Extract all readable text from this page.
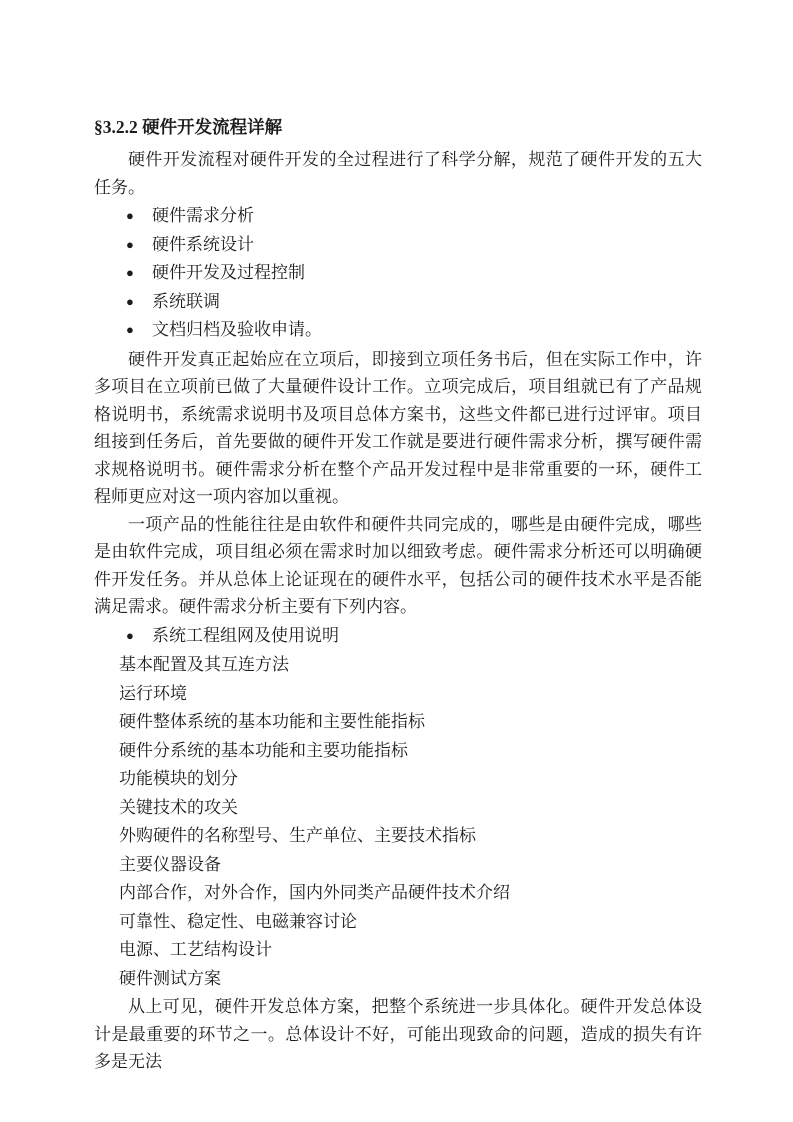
§3.2.2 硬件开发流程详解

硬件开发流程对硬件开发的全过程进行了科学分解，规范了硬件开发的五大任务。

● 硬件需求分析
● 硬件系统设计
● 硬件开发及过程控制
● 系统联调
● 文档归档及验收申请。

硬件开发真正起始应在立项后，即接到立项任务书后，但在实际工作中，许多项目在立项前已做了大量硬件设计工作。立项完成后，项目组就已有了产品规格说明书，系统需求说明书及项目总体方案书，这些文件都已进行过评审。项目组接到任务后，首先要做的硬件开发工作就是要进行硬件需求分析，撰写硬件需求规格说明书。硬件需求分析在整个产品开发过程中是非常重要的一环，硬件工程师更应对这一项内容加以重视。

一项产品的性能往往是由软件和硬件共同完成的，哪些是由硬件完成，哪些是由软件完成，项目组必须在需求时加以细致考虑。硬件需求分析还可以明确硬件开发任务。并从总体上论证现在的硬件水平，包括公司的硬件技术水平是否能满足需求。硬件需求分析主要有下列内容。

● 系统工程组网及使用说明
基本配置及其互连方法
运行环境
硬件整体系统的基本功能和主要性能指标
硬件分系统的基本功能和主要功能指标
功能模块的划分
关键技术的攻关
外购硬件的名称型号、生产单位、主要技术指标
主要仪器设备
内部合作，对外合作，国内外同类产品硬件技术介绍
可靠性、稳定性、电磁兼容讨论
电源、工艺结构设计
硬件测试方案

从上可见，硬件开发总体方案，把整个系统进一步具体化。硬件开发总体设计是最重要的环节之一。总体设计不好，可能出现致命的问题，造成的损失有许多是无法
